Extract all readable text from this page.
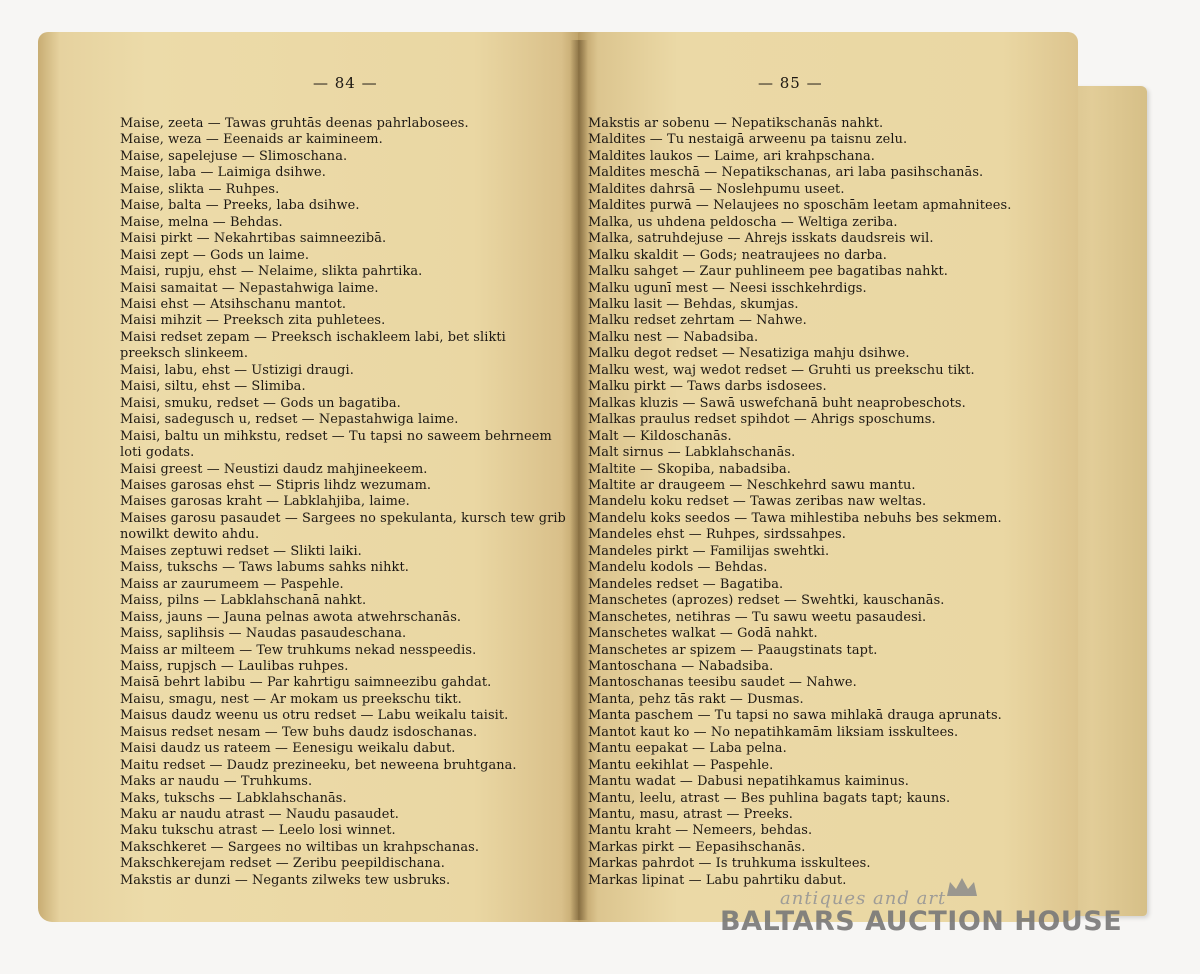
— 84 —
Maise, zeeta — Tawas gruhtās deenas pahrlabosees.
Maise, weza — Eeenaids ar kaimineem.
Maise, sapelejuse — Slimoschana.
Maise, laba — Laimiga dsihwe.
Maise, slikta — Ruhpes.
Maise, balta — Preeks, laba dsihwe.
Maise, melna — Behdas.
Maisi pirkt — Nekahrtibas saimneezibā.
Maisi zept — Gods un laime.
Maisi, rupju, ehst — Nelaime, slikta pahrtika.
Maisi samaitat — Nepastahwiga laime.
Maisi ehst — Atsihschanu mantot.
Maisi mihzit — Preeksch zita puhletees.
Maisi redset zepam — Preeksch ischakleem labi, bet slikti preeksch slinkeem.
Maisi, labu, ehst — Ustizigi draugi.
Maisi, siltu, ehst — Slimiba.
Maisi, smuku, redset — Gods un bagatiba.
Maisi, sadegusch u, redset — Nepastahwiga laime.
Maisi, baltu un mihkstu, redset — Tu tapsi no saweem behrneem loti godats.
Maisi greest — Neustizi daudz mahjineekeem.
Maises garosas ehst — Stipris lihdz wezumam.
Maises garosas kraht — Labklahjiba, laime.
Maises garosu pasaudet — Sargees no spekulanta, kursch tew grib nowilkt dewito ahdu.
Maises zeptuwi redset — Slikti laiki.
Maiss, tukschs — Taws labums sahks nihkt.
Maiss ar zaurumeem — Paspehle.
Maiss, pilns — Labklahschanā nahkt.
Maiss, jauns — Jauna pelnas awota atwehrschanās.
Maiss, saplihsis — Naudas pasaudeschana.
Maiss ar milteem — Tew truhkums nekad nesspeedis.
Maiss, rupjsch — Laulibas ruhpes.
Maisā behrt labibu — Par kahrtigu saimneezibu gahdat.
Maisu, smagu, nest — Ar mokam us preekschu tikt.
Maisus daudz weenu us otru redset — Labu weikalu taisit.
Maisus redset nesam — Tew buhs daudz isdoschanas.
Maisi daudz us rateem — Eenesigu weikalu dabut.
Maitu redset — Daudz prezineeku, bet neweena bruhtgana.
Maks ar naudu — Truhkums.
Maks, tukschs — Labklahschanās.
Maku ar naudu atrast — Naudu pasaudet.
Maku tukschu atrast — Leelo losi winnet.
Makschkeret — Sargees no wiltibas un krahpschanas.
Makschkerejam redset — Zeribu peepildischana.
Makstis ar dunzi — Negants zilweks tew usbruks.
— 85 —
Makstis ar sobenu — Nepatikschanās nahkt.
Maldites — Tu nestaigā arweenu pa taisnu zelu.
Maldites laukos — Laime, ari krahpschana.
Maldites meschā — Nepatikschanas, ari laba pasihschanās.
Maldites dahrsā — Noslehpumu useet.
Maldites purwā — Nelaujees no sposchām leetam apmahnitees.
Malka, us uhdena peldoscha — Weltiga zeriba.
Malka, satruhdejuse — Ahrejs isskats daudsreis wil.
Malku skaldit — Gods; neatraujees no darba.
Malku sahget — Zaur puhlineem pee bagatibas nahkt.
Malku ugunī mest — Neesi isschkehrdigs.
Malku lasit — Behdas, skumjas.
Malku redset zehrtam — Nahwe.
Malku nest — Nabadsiba.
Malku degot redset — Nesatiziga mahju dsihwe.
Malku west, waj wedot redset — Gruhti us preekschu tikt.
Malku pirkt — Taws darbs isdosees.
Malkas kluzis — Sawā uswefchanā buht neaprobeschots.
Malkas praulus redset spihdot — Ahrigs sposchums.
Malt — Kildoschanās.
Malt sirnus — Labklahschanās.
Maltite — Skopiba, nabadsiba.
Maltite ar draugeem — Neschkehrd sawu mantu.
Mandelu koku redset — Tawas zeribas naw weltas.
Mandelu koks seedos — Tawa mihlestiba nebuhs bes sekmem.
Mandeles ehst — Ruhpes, sirdssahpes.
Mandeles pirkt — Familijas swehtki.
Mandelu kodols — Behdas.
Mandeles redset — Bagatiba.
Manschetes (aprozes) redset — Swehtki, kauschanās.
Manschetes, netihras — Tu sawu weetu pasaudesi.
Manschetes walkat — Godā nahkt.
Manschetes ar spizem — Paaugstinats tapt.
Mantoschana — Nabadsiba.
Mantoschanas teesibu saudet — Nahwe.
Manta, pehz tās rakt — Dusmas.
Manta paschem — Tu tapsi no sawa mihlakā drauga aprunats.
Mantot kaut ko — No nepatihkamām liksiam isskultees.
Mantu eepakat — Laba pelna.
Mantu eekihlat — Paspehle.
Mantu wadat — Dabusi nepatihkamus kaiminus.
Mantu, leelu, atrast — Bes puhlina bagats tapt; kauns.
Mantu, masu, atrast — Preeks.
Mantu kraht — Nemeers, behdas.
Markas pirkt — Eepasihschanās.
Markas pahrdot — Is truhkuma isskultees.
Markas lipinat — Labu pahrtiku dabut.
antiques and art
BALTARS AUCTION HOUSE
